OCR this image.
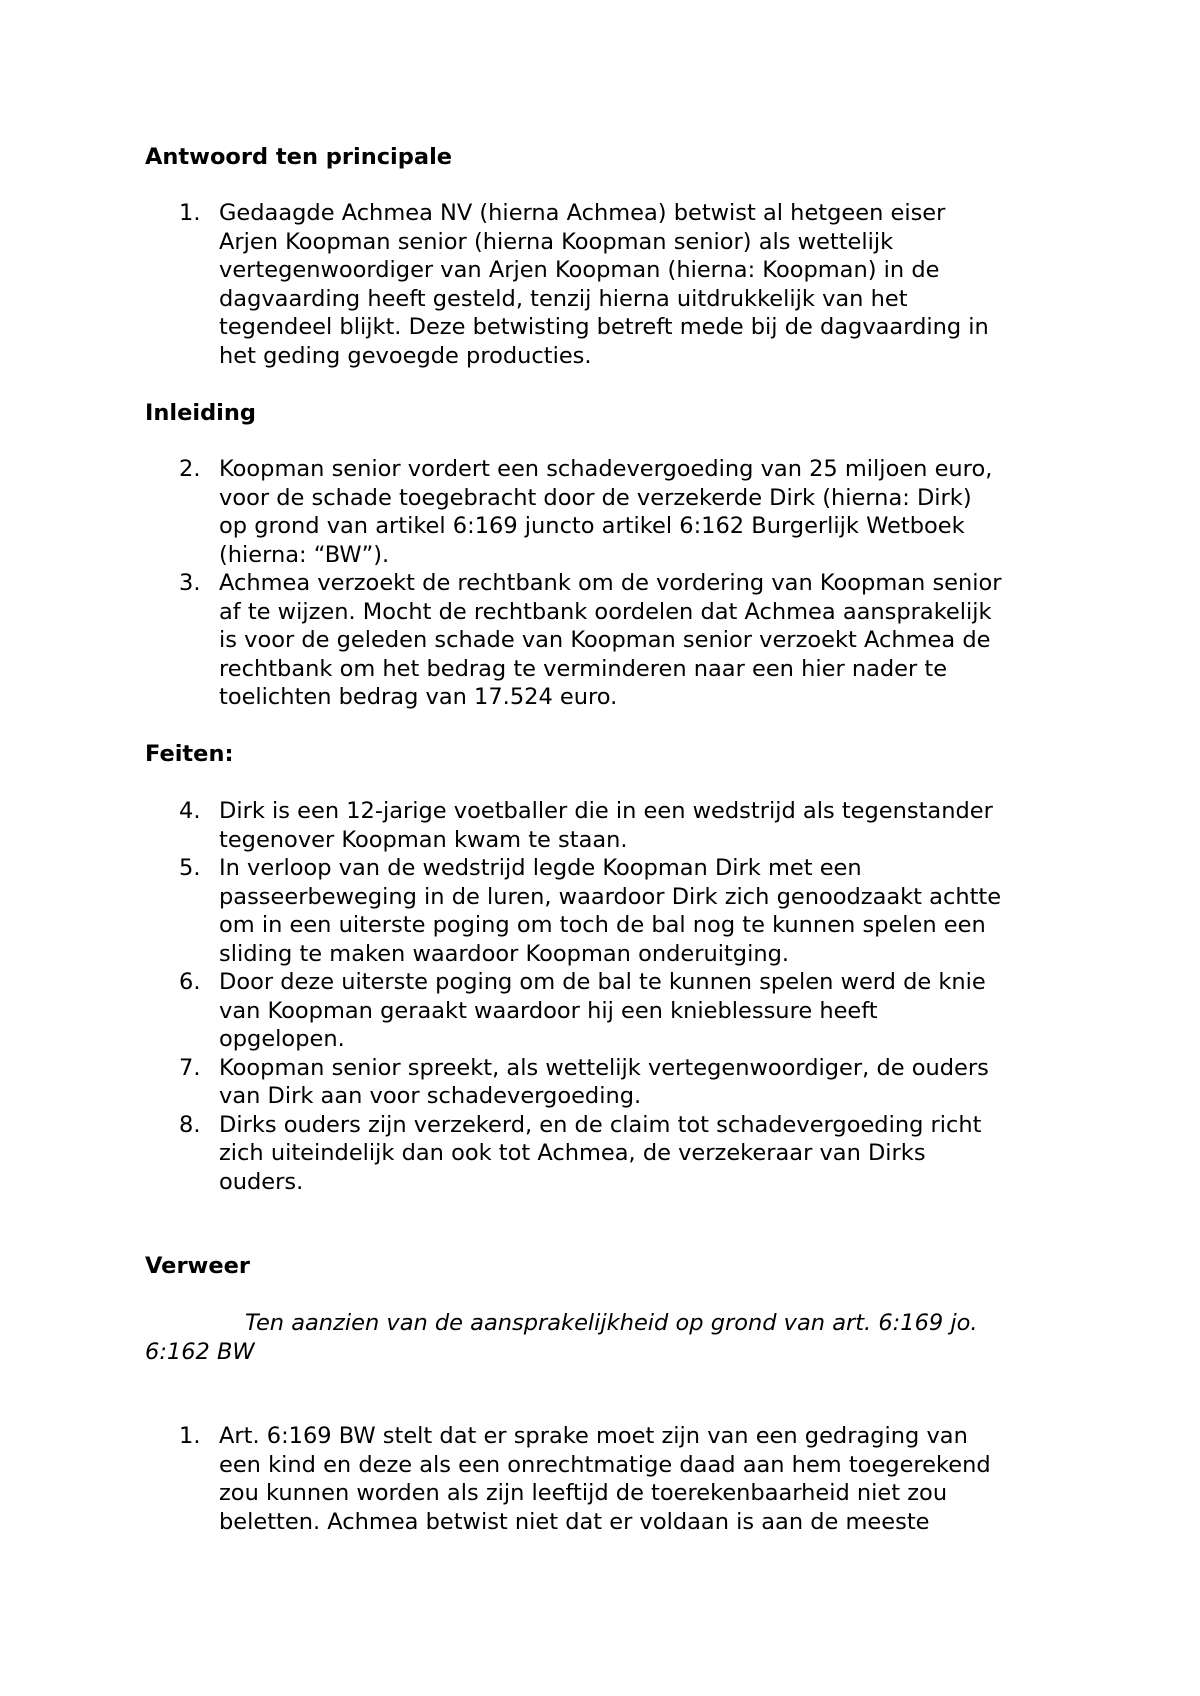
Antwoord ten principale
1. Gedaagde Achmea NV (hierna Achmea) betwist al hetgeen eiser
Arjen Koopman senior (hierna Koopman senior) als wettelijk
vertegenwoordiger van Arjen Koopman (hierna: Koopman) in de
dagvaarding heeft gesteld, tenzij hierna uitdrukkelijk van het
tegendeel blijkt. Deze betwisting betreft mede bij de dagvaarding in
het geding gevoegde producties.
Inleiding
2. Koopman senior vordert een schadevergoeding van 25 miljoen euro,
voor de schade toegebracht door de verzekerde Dirk (hierna: Dirk)
op grond van artikel 6:169 juncto artikel 6:162 Burgerlijk Wetboek
(hierna: “BW”).
3. Achmea verzoekt de rechtbank om de vordering van Koopman senior
af te wijzen. Mocht de rechtbank oordelen dat Achmea aansprakelijk
is voor de geleden schade van Koopman senior verzoekt Achmea de
rechtbank om het bedrag te verminderen naar een hier nader te
toelichten bedrag van 17.524 euro.
Feiten:
4. Dirk is een 12-jarige voetballer die in een wedstrijd als tegenstander
tegenover Koopman kwam te staan.
5. In verloop van de wedstrijd legde Koopman Dirk met een
passeerbeweging in de luren, waardoor Dirk zich genoodzaakt achtte
om in een uiterste poging om toch de bal nog te kunnen spelen een
sliding te maken waardoor Koopman onderuitging.
6. Door deze uiterste poging om de bal te kunnen spelen werd de knie
van Koopman geraakt waardoor hij een knieblessure heeft
opgelopen.
7. Koopman senior spreekt, als wettelijk vertegenwoordiger, de ouders
van Dirk aan voor schadevergoeding.
8. Dirks ouders zijn verzekerd, en de claim tot schadevergoeding richt
zich uiteindelijk dan ook tot Achmea, de verzekeraar van Dirks
ouders.
Verweer
Ten aanzien van de aansprakelijkheid op grond van art. 6:169 jo. 6:162 BW
1. Art. 6:169 BW stelt dat er sprake moet zijn van een gedraging van
een kind en deze als een onrechtmatige daad aan hem toegerekend
zou kunnen worden als zijn leeftijd de toerekenbaarheid niet zou
beletten. Achmea betwist niet dat er voldaan is aan de meeste
